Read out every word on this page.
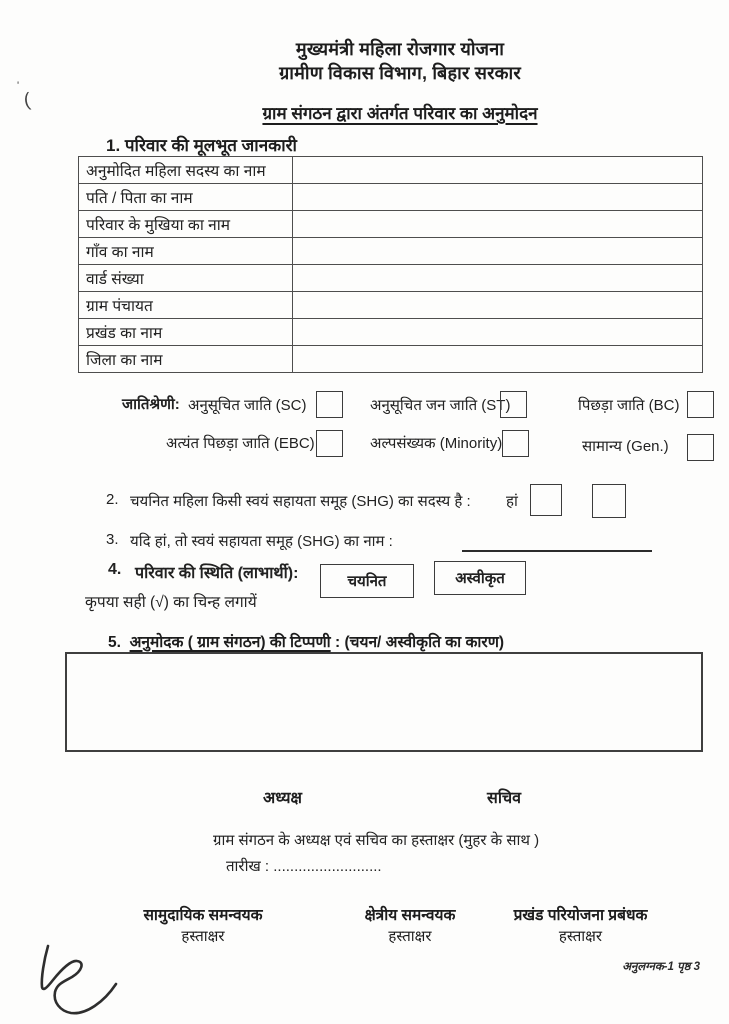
'
(
मुख्यमंत्री महिला रोजगार योजना
ग्रामीण विकास विभाग, बिहार सरकार
ग्राम संगठन द्वारा अंतर्गत परिवार का अनुमोदन
1. परिवार की मूलभूत जानकारी
अनुमोदित महिला सदस्य का नाम	
पति / पिता का नाम	
परिवार के मुखिया का नाम	
गाँव का नाम	
वार्ड संख्या	
ग्राम पंचायत	
प्रखंड का नाम	
जिला का नाम	
जातिश्रेणी: अनुसूचित जाति (SC)	अनुसूचित जन जाति (ST)	पिछड़ा जाति (BC)
अत्यंत पिछड़ा जाति (EBC)	अल्पसंख्यक (Minority)	सामान्य (Gen.)
2. चयनित महिला किसी स्वयं सहायता समूह (SHG) का सदस्य है : हां
3. यदि हां, तो स्वयं सहायता समूह (SHG) का नाम :
4. परिवार की स्थिति (लाभार्थी):	चयनित	अस्वीकृत
कृपया सही (√) का चिन्ह लगायें
5. अनुमोदक ( ग्राम संगठन) की टिप्पणी : (चयन/ अस्वीकृति का कारण)
अध्यक्ष	सचिव
ग्राम संगठन के अध्यक्ष एवं सचिव का हस्ताक्षर (मुहर के साथ )
तारीख : ..........................
सामुदायिक समन्वयक
हस्ताक्षर
क्षेत्रीय समन्वयक
हस्ताक्षर
प्रखंड परियोजना प्रबंधक
हस्ताक्षर
अनुलग्नक-1 पृष्ठ 3
